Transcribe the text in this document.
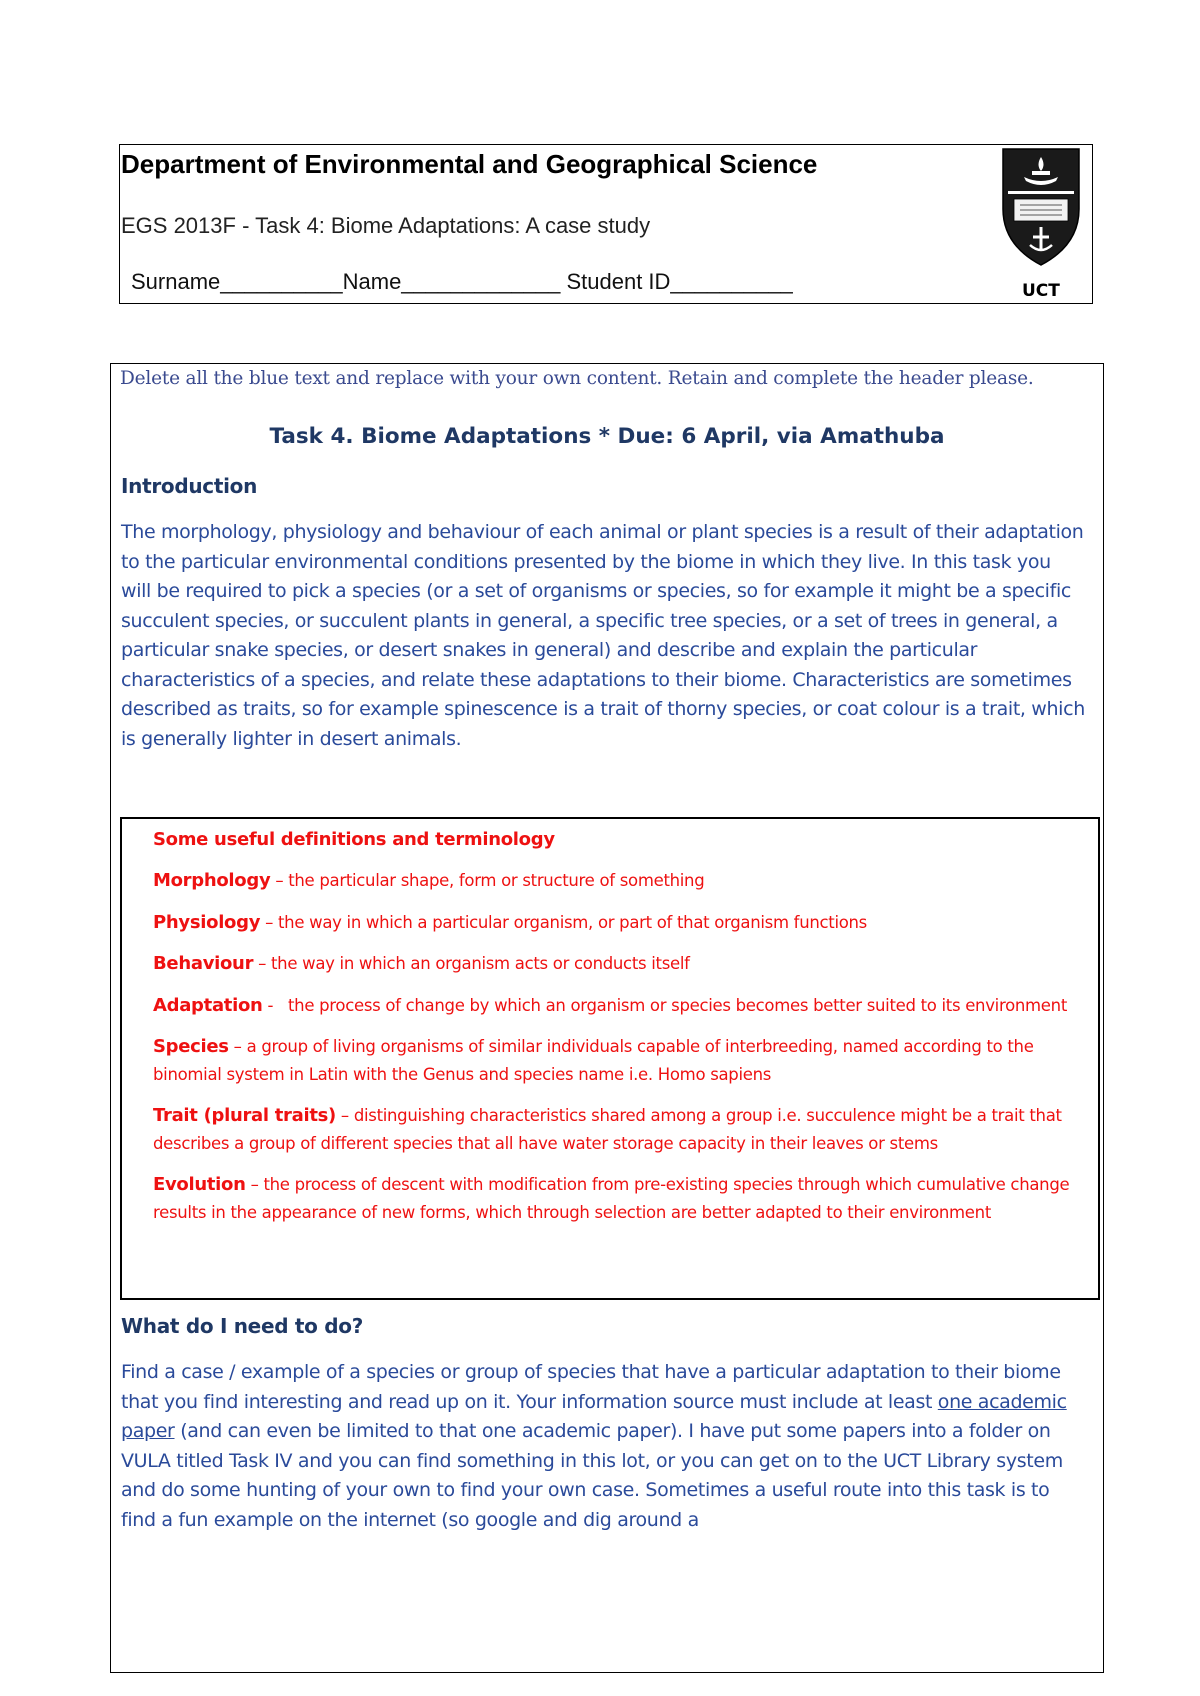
Department of Environmental and Geographical Science
EGS 2013F - Task 4: Biome Adaptations: A case study
Surname__________Name_____________ Student ID__________	UCT
Delete all the blue text and replace with your own content. Retain and complete the header please.
Task 4. Biome Adaptations * Due: 6 April, via Amathuba
Introduction
The morphology, physiology and behaviour of each animal or plant species is a result of their adaptation to the particular environmental conditions presented by the biome in which they live. In this task you will be required to pick a species (or a set of organisms or species, so for example it might be a specific succulent species, or succulent plants in general, a specific tree species, or a set of trees in general, a particular snake species, or desert snakes in general) and describe and explain the particular characteristics of a species, and relate these adaptations to their biome. Characteristics are sometimes described as traits, so for example spinescence is a trait of thorny species, or coat colour is a trait, which is generally lighter in desert animals.
Some useful definitions and terminology
Morphology – the particular shape, form or structure of something
Physiology – the way in which a particular organism, or part of that organism functions
Behaviour – the way in which an organism acts or conducts itself
Adaptation -   the process of change by which an organism or species becomes better suited to its environment
Species – a group of living organisms of similar individuals capable of interbreeding, named according to the binomial system in Latin with the Genus and species name i.e. Homo sapiens
Trait (plural traits) – distinguishing characteristics shared among a group i.e. succulence might be a trait that describes a group of different species that all have water storage capacity in their leaves or stems
Evolution – the process of descent with modification from pre-existing species through which cumulative change results in the appearance of new forms, which through selection are better adapted to their environment
What do I need to do?
Find a case / example of a species or group of species that have a particular adaptation to their biome that you find interesting and read up on it. Your information source must include at least one academic paper (and can even be limited to that one academic paper). I have put some papers into a folder on VULA titled Task IV and you can find something in this lot, or you can get on to the UCT Library system and do some hunting of your own to find your own case. Sometimes a useful route into this task is to find a fun example on the internet (so google and dig around a
